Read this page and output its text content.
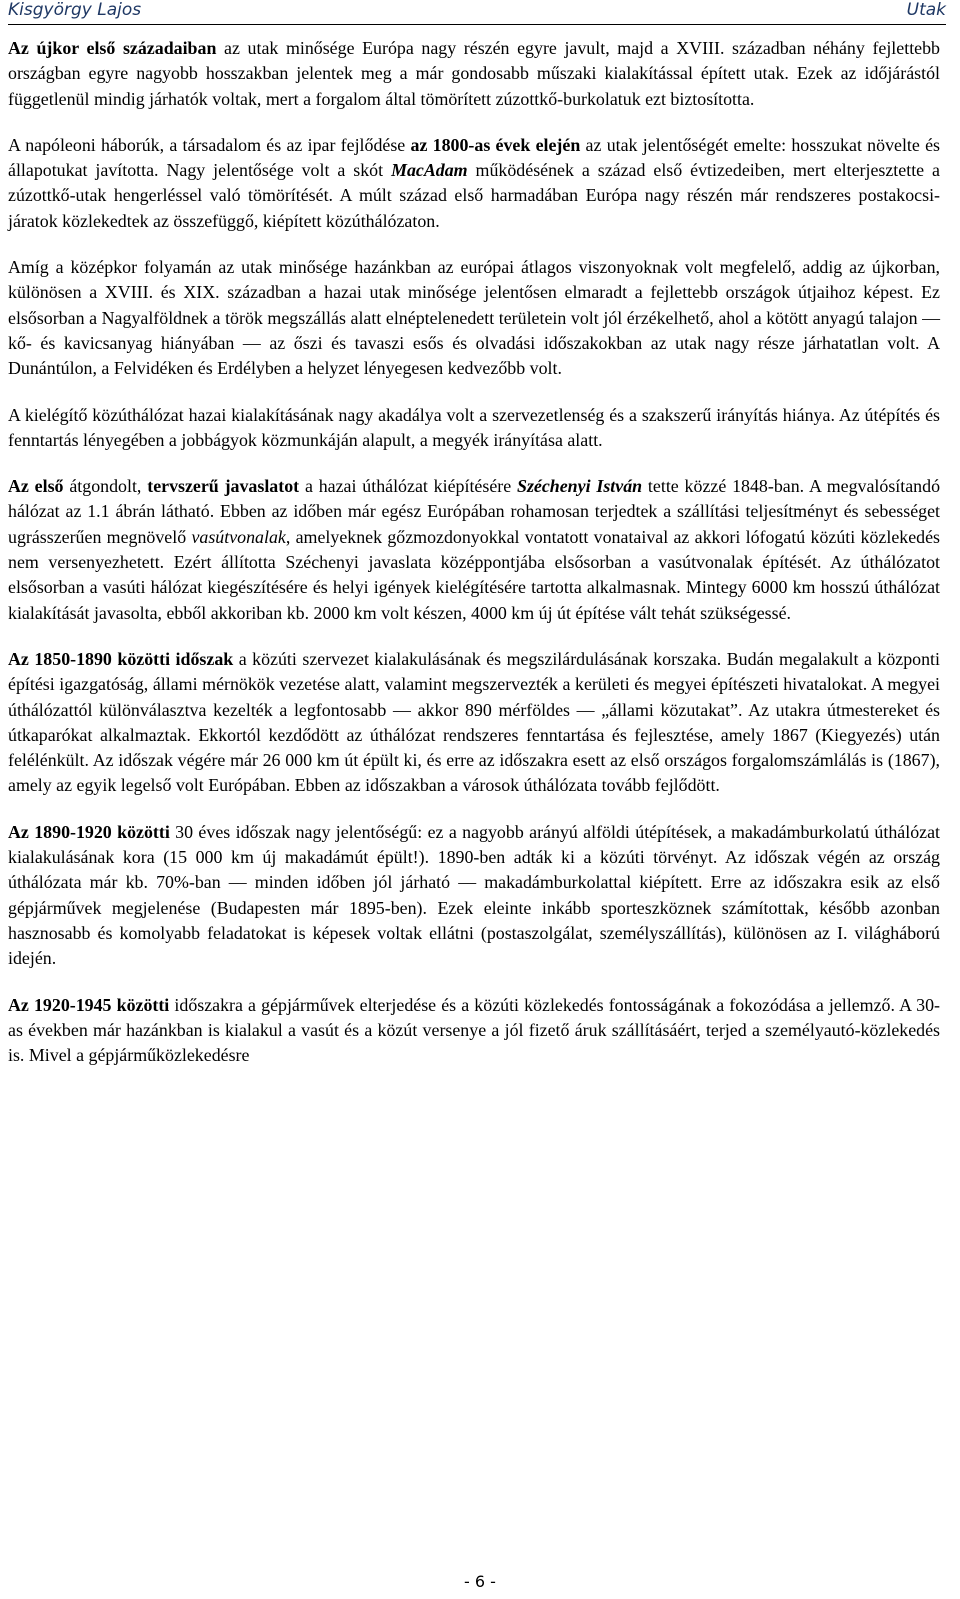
Kisgyörgy Lajos	Utak

Az újkor első századaiban az utak minősége Európa nagy részén egyre javult, majd a XVIII. században néhány fejlettebb országban egyre nagyobb hosszakban jelentek meg a már gondosabb műszaki kialakítással épített utak. Ezek az időjárástól függetlenül mindig járhatók voltak, mert a forgalom által tömörített zúzottkő-burkolatuk ezt biztosította.

A napóleoni háborúk, a társadalom és az ipar fejlődése az 1800-as évek elején az utak jelentőségét emelte: hosszukat növelte és állapotukat javította. Nagy jelentősége volt a skót MacAdam működésének a század első évtizedeiben, mert elterjesztette a zúzottkő-utak hengerléssel való tömörítését. A múlt század első harmadában Európa nagy részén már rendszeres postakocsi-járatok közlekedtek az összefüggő, kiépített közúthálózaton.

Amíg a középkor folyamán az utak minősége hazánkban az európai átlagos viszonyoknak volt megfelelő, addig az újkorban, különösen a XVIII. és XIX. században a hazai utak minősége jelentősen elmaradt a fejlettebb országok útjaihoz képest. Ez elsősorban a Nagyalföldnek a török megszállás alatt elnéptelenedett területein volt jól érzékelhető, ahol a kötött anyagú talajon — kő- és kavicsanyag hiányában — az őszi és tavaszi esős és olvadási időszakokban az utak nagy része járhatatlan volt. A Dunántúlon, a Felvidéken és Erdélyben a helyzet lényegesen kedvezőbb volt.

A kielégítő közúthálózat hazai kialakításának nagy akadálya volt a szervezetlenség és a szakszerű irányítás hiánya. Az útépítés és fenntartás lényegében a jobbágyok közmunkáján alapult, a megyék irányítása alatt.

Az első átgondolt, tervszerű javaslatot a hazai úthálózat kiépítésére Széchenyi István tette közzé 1848-ban. A megvalósítandó hálózat az 1.1 ábrán látható. Ebben az időben már egész Európában rohamosan terjedtek a szállítási teljesítményt és sebességet ugrásszerűen megnövelő vasútvonalak, amelyeknek gőzmozdonyokkal vontatott vonataival az akkori lófogatú közúti közlekedés nem versenyezhetett. Ezért állította Széchenyi javaslata középpontjába elsősorban a vasútvonalak építését. Az úthálózatot elsősorban a vasúti hálózat kiegészítésére és helyi igények kielégítésére tartotta alkalmasnak. Mintegy 6000 km hosszú úthálózat kialakítását javasolta, ebből akkoriban kb. 2000 km volt készen, 4000 km új út építése vált tehát szükségessé.

Az 1850-1890 közötti időszak a közúti szervezet kialakulásának és megszilárdulásának korszaka. Budán megalakult a központi építési igazgatóság, állami mérnökök vezetése alatt, valamint megszervezték a kerületi és megyei építészeti hivatalokat. A megyei úthálózattól különválasztva kezelték a legfontosabb — akkor 890 mérföldes — „állami közutakat”. Az utakra útmestereket és útkaparókat alkalmaztak. Ekkortól kezdődött az úthálózat rendszeres fenntartása és fejlesztése, amely 1867 (Kiegyezés) után felélénkült. Az időszak végére már 26 000 km út épült ki, és erre az időszakra esett az első országos forgalomszámlálás is (1867), amely az egyik legelső volt Európában. Ebben az időszakban a városok úthálózata tovább fejlődött.

Az 1890-1920 közötti 30 éves időszak nagy jelentőségű: ez a nagyobb arányú alföldi útépítések, a makadámburkolatú úthálózat kialakulásának kora (15 000 km új makadámút épült!). 1890-ben adták ki a közúti törvényt. Az időszak végén az ország úthálózata már kb. 70%-ban — minden időben jól járható — makadámburkolattal kiépített. Erre az időszakra esik az első gépjárművek megjelenése (Budapesten már 1895-ben). Ezek eleinte inkább sporteszköznek számítottak, később azonban hasznosabb és komolyabb feladatokat is képesek voltak ellátni (postaszolgálat, személyszállítás), különösen az I. világháború idején.

Az 1920-1945 közötti időszakra a gépjárművek elterjedése és a közúti közlekedés fontosságának a fokozódása a jellemző. A 30-as években már hazánkban is kialakul a vasút és a közút versenye a jól fizető áruk szállításáért, terjed a személyautó-közlekedés is. Mivel a gépjárműközlekedésre

- 6 -
